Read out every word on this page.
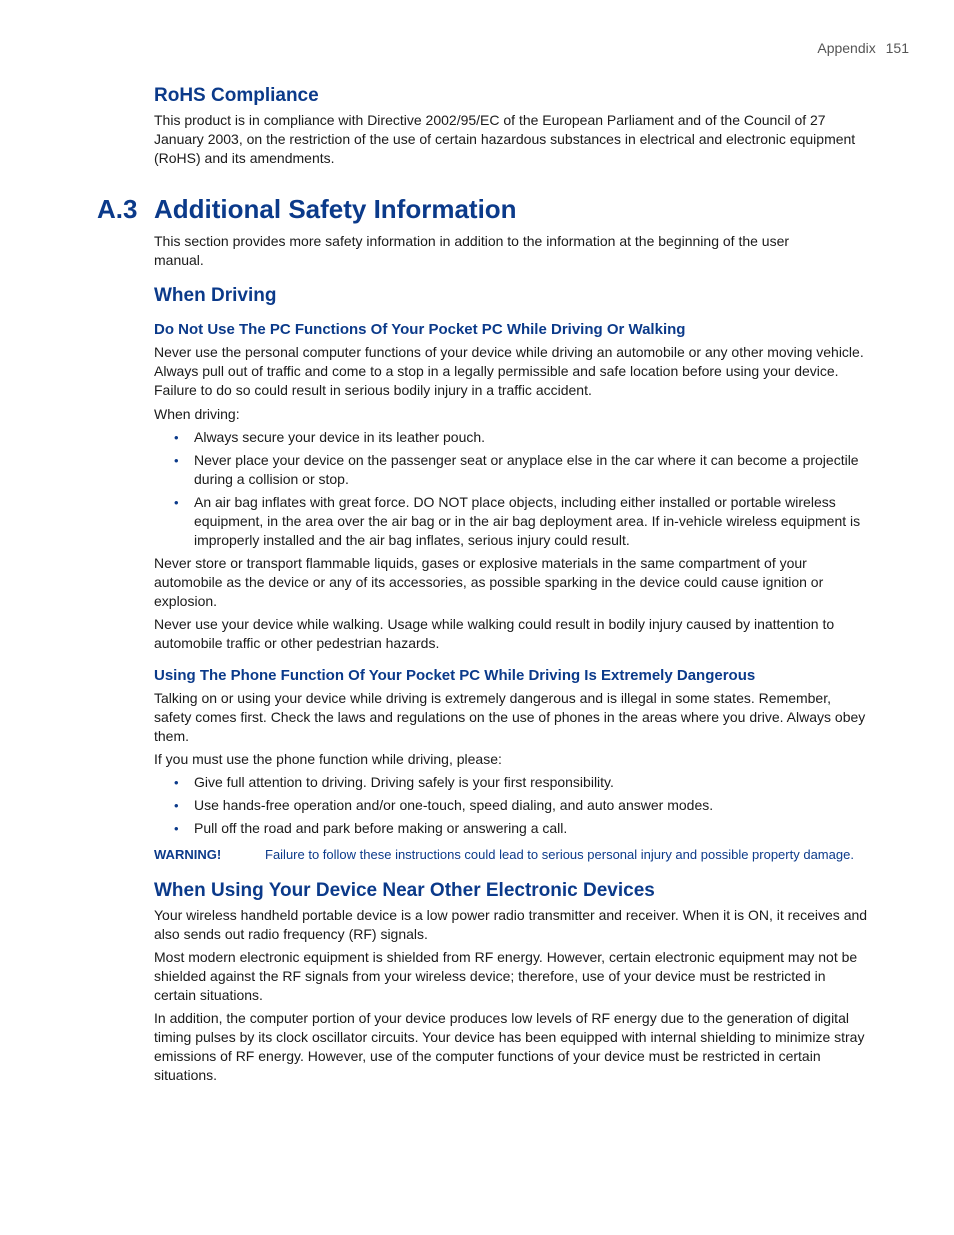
Appendix 151
RoHS Compliance

This product is in compliance with Directive 2002/95/EC of the European Parliament and of the Council of 27 January 2003, on the restriction of the use of certain hazardous substances in electrical and electronic equipment (RoHS) and its amendments.

A.3 Additional Safety Information

This section provides more safety information in addition to the information at the beginning of the user manual.

When Driving
Do Not Use The PC Functions Of Your Pocket PC While Driving Or Walking

Never use the personal computer functions of your device while driving an automobile or any other moving vehicle. Always pull out of traffic and come to a stop in a legally permissible and safe location before using your device. Failure to do so could result in serious bodily injury in a traffic accident.

When driving:

• Always secure your device in its leather pouch.
• Never place your device on the passenger seat or anyplace else in the car where it can become a projectile during a collision or stop.
• An air bag inflates with great force. DO NOT place objects, including either installed or portable wireless equipment, in the area over the air bag or in the air bag deployment area. If in-vehicle wireless equipment is improperly installed and the air bag inflates, serious injury could result.

Never store or transport flammable liquids, gases or explosive materials in the same compartment of your automobile as the device or any of its accessories, as possible sparking in the device could cause ignition or explosion.

Never use your device while walking. Usage while walking could result in bodily injury caused by inattention to automobile traffic or other pedestrian hazards.

Using The Phone Function Of Your Pocket PC While Driving Is Extremely Dangerous

Talking on or using your device while driving is extremely dangerous and is illegal in some states. Remember, safety comes first. Check the laws and regulations on the use of phones in the areas where you drive. Always obey them.

If you must use the phone function while driving, please:

• Give full attention to driving. Driving safely is your first responsibility.
• Use hands-free operation and/or one-touch, speed dialing, and auto answer modes.
• Pull off the road and park before making or answering a call.
WARNING!	Failure to follow these instructions could lead to serious personal injury and possible property damage.
When Using Your Device Near Other Electronic Devices

Your wireless handheld portable device is a low power radio transmitter and receiver. When it is ON, it receives and also sends out radio frequency (RF) signals.

Most modern electronic equipment is shielded from RF energy. However, certain electronic equipment may not be shielded against the RF signals from your wireless device; therefore, use of your device must be restricted in certain situations.

In addition, the computer portion of your device produces low levels of RF energy due to the generation of digital timing pulses by its clock oscillator circuits. Your device has been equipped with internal shielding to minimize stray emissions of RF energy. However, use of the computer functions of your device must be restricted in certain situations.
